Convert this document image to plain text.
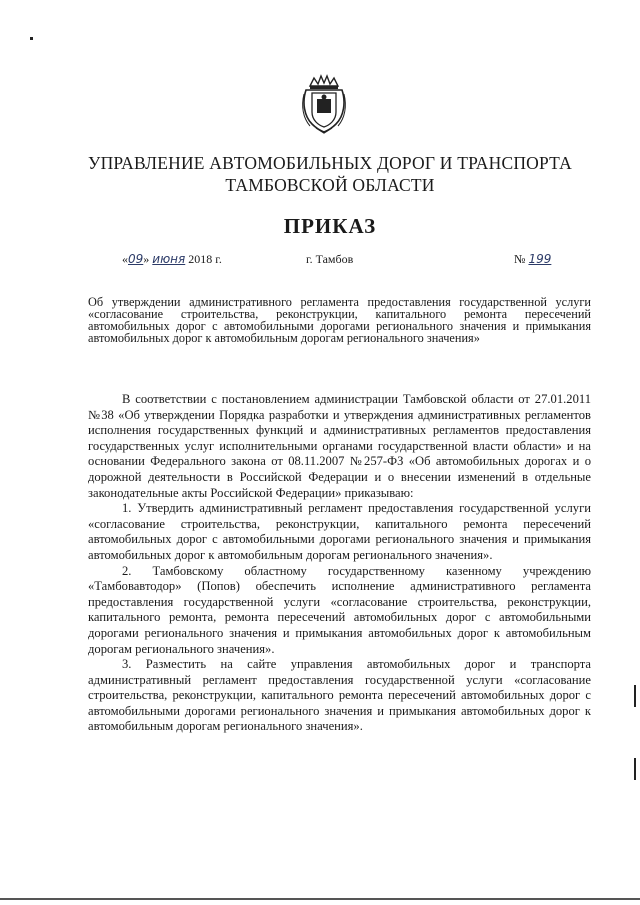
УПРАВЛЕНИЕ АВТОМОБИЛЬНЫХ ДОРОГ И ТРАНСПОРТА
ТАМБОВСКОЙ ОБЛАСТИ
ПРИКАЗ
«09» июня 2018 г.	г. Тамбов	№ 199
Об утверждении административного регламента предоставления государственной услуги «согласование строительства, реконструкции, капитального ремонта пересечений автомобильных дорог с автомобильными дорогами регионального значения и примыкания автомобильных дорог к автомобильным дорогам регионального значения»

В соответствии с постановлением администрации Тамбовской области от 27.01.2011 №38 «Об утверждении Порядка разработки и утверждения административных регламентов исполнения государственных функций и административных регламентов предоставления государственных услуг исполнительными органами государственной власти области» и на основании Федерального закона от 08.11.2007 №257-ФЗ «Об автомобильных дорогах и о дорожной деятельности в Российской Федерации и о внесении изменений в отдельные законодательные акты Российской Федерации» приказываю:

1. Утвердить административный регламент предоставления государственной услуги «согласование строительства, реконструкции, капитального ремонта пересечений автомобильных дорог с автомобильными дорогами регионального значения и примыкания автомобильных дорог к автомобильным дорогам регионального значения».

2. Тамбовскому областному государственному казенному учреждению «Тамбовавтодор» (Попов) обеспечить исполнение административного регламента предоставления государственной услуги «согласование строительства, реконструкции, капитального ремонта, ремонта пересечений автомобильных дорог с автомобильными дорогами регионального значения и примыкания автомобильных дорог к автомобильным дорогам регионального значения».

3. Разместить на сайте управления автомобильных дорог и транспорта административный регламент предоставления государственной услуги «согласование строительства, реконструкции, капитального ремонта пересечений автомобильных дорог с автомобильными дорогами регионального значения и примыкания автомобильных дорог к автомобильным дорогам регионального значения».
